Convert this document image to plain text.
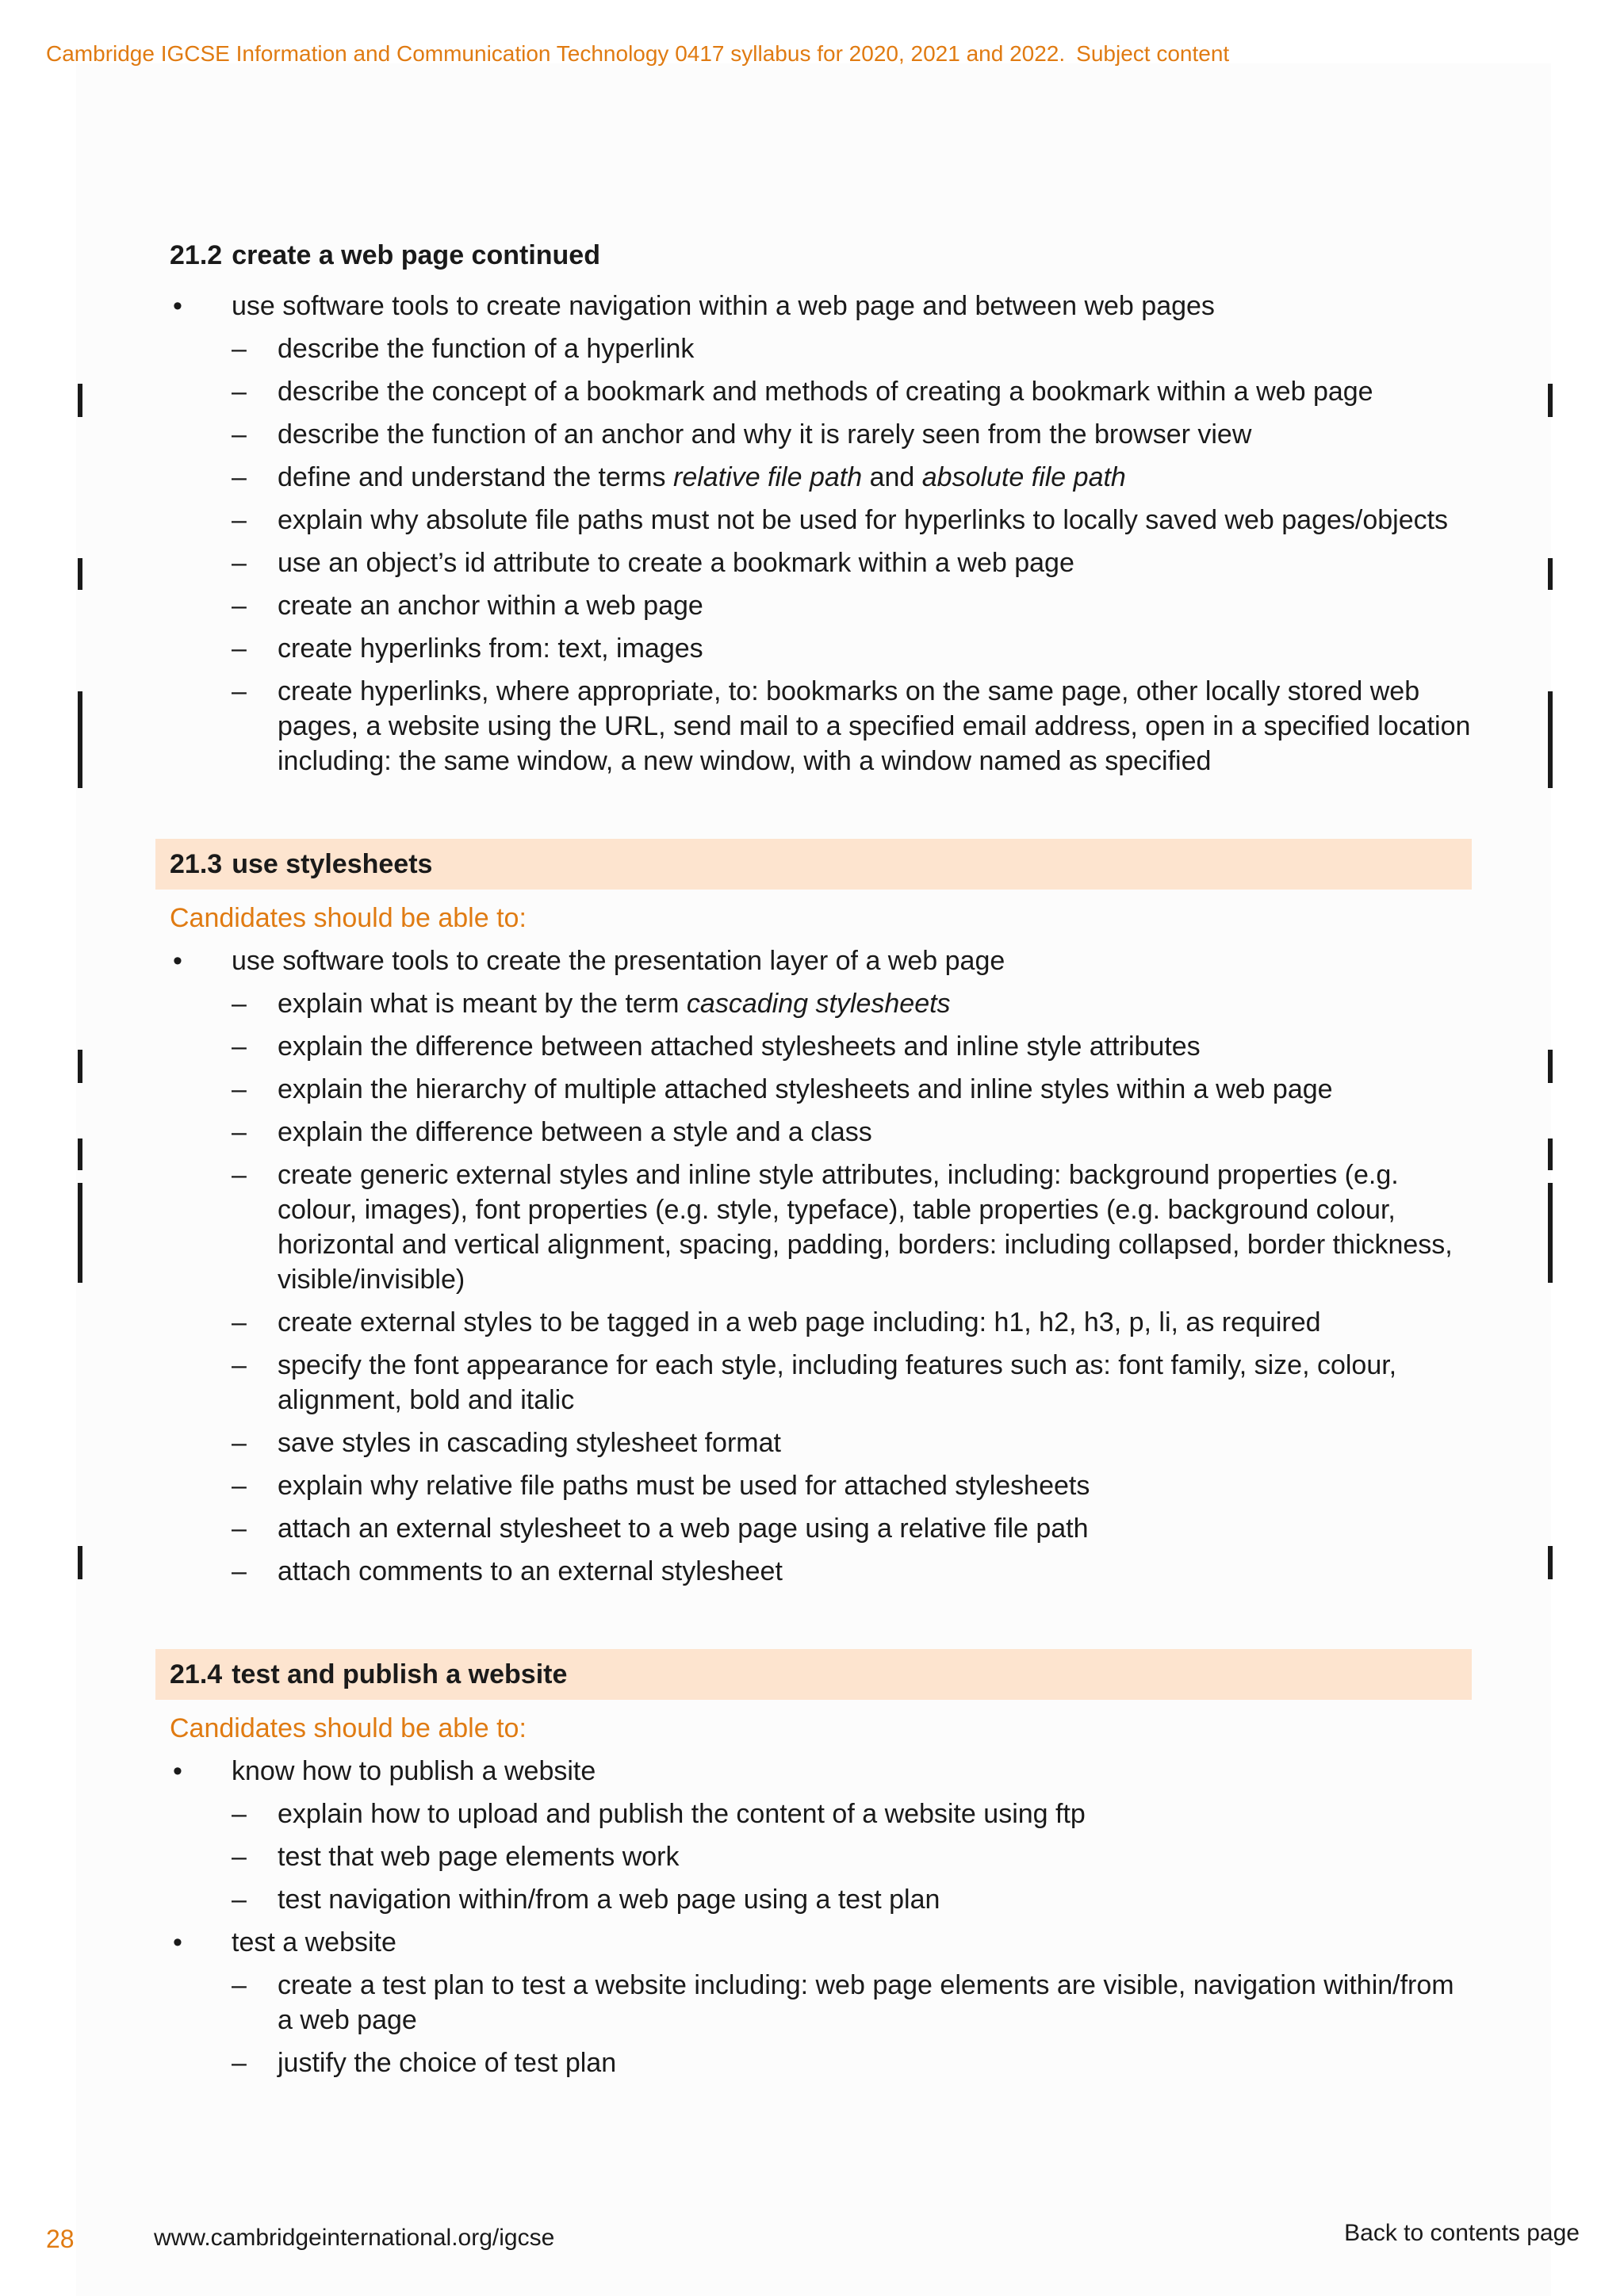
Cambridge IGCSE Information and Communication Technology 0417 syllabus for 2020, 2021 and 2022. Subject content
21.2 create a web page continued
• use software tools to create navigation within a web page and between web pages
– describe the function of a hyperlink
– describe the concept of a bookmark and methods of creating a bookmark within a web page
– describe the function of an anchor and why it is rarely seen from the browser view
– define and understand the terms relative file path and absolute file path
– explain why absolute file paths must not be used for hyperlinks to locally saved web pages/objects
– use an object’s id attribute to create a bookmark within a web page
– create an anchor within a web page
– create hyperlinks from: text, images
– create hyperlinks, where appropriate, to: bookmarks on the same page, other locally stored web pages, a website using the URL, send mail to a specified email address, open in a specified location including: the same window, a new window, with a window named as specified
21.3 use stylesheets
Candidates should be able to:
• use software tools to create the presentation layer of a web page
– explain what is meant by the term cascading stylesheets
– explain the difference between attached stylesheets and inline style attributes
– explain the hierarchy of multiple attached stylesheets and inline styles within a web page
– explain the difference between a style and a class
– create generic external styles and inline style attributes, including: background properties (e.g. colour, images), font properties (e.g. style, typeface), table properties (e.g. background colour, horizontal and vertical alignment, spacing, padding, borders: including collapsed, border thickness, visible/invisible)
– create external styles to be tagged in a web page including: h1, h2, h3, p, li, as required
– specify the font appearance for each style, including features such as: font family, size, colour, alignment, bold and italic
– save styles in cascading stylesheet format
– explain why relative file paths must be used for attached stylesheets
– attach an external stylesheet to a web page using a relative file path
– attach comments to an external stylesheet
21.4 test and publish a website
Candidates should be able to:
• know how to publish a website
– explain how to upload and publish the content of a website using ftp
– test that web page elements work
– test navigation within/from a web page using a test plan
• test a website
– create a test plan to test a website including: web page elements are visible, navigation within/from a web page
– justify the choice of test plan
28	www.cambridgeinternational.org/igcse	Back to contents page
